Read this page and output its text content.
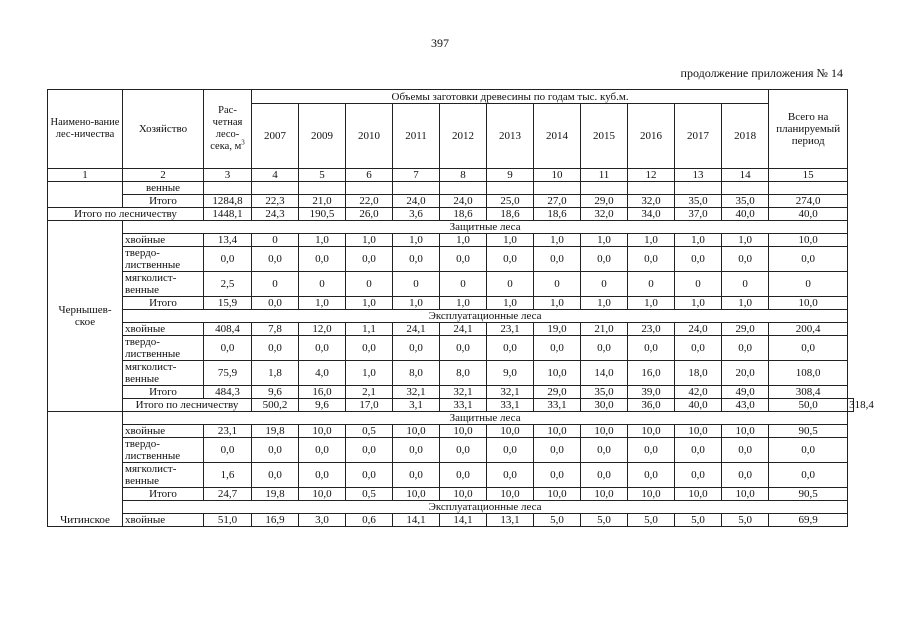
397
продолжение приложения № 14
Наимено-вание лес-ничества	Хозяйство	Рас-четная лесо-сека, $м^3$	Объемы заготовки древесины по годам тыс. куб.м.											Всего на планируемый период	
			2007	2009	2010	2011	2012	2013	2014	2015	2016	2017	2018		
1	2	3	4	5	6	7	8	9	10	11	12	13	14	15	
	венные														
	Итого	1284,8	22,3	21,0	22,0	24,0	24,0	25,0	27,0	29,0	32,0	35,0	35,0	274,0	
Итого по лесничеству		1448,1	24,3	190,5	26,0	3,6	18,6	18,6	18,6	32,0	34,0	37,0	40,0	40,0	
Чернышев-ское	Защитные леса														
	хвойные	13,4	0	1,0	1,0	1,0	1,0	1,0	1,0	1,0	1,0	1,0	1,0	10,0	
	твердо-лиственные	0,0	0,0	0,0	0,0	0,0	0,0	0,0	0,0	0,0	0,0	0,0	0,0	0,0	
	мягколист-венные	2,5	0	0	0	0	0	0	0	0	0	0	0	0	
	Итого	15,9	0,0	1,0	1,0	1,0	1,0	1,0	1,0	1,0	1,0	1,0	1,0	10,0	
	Эксплуатационные леса														
	хвойные	408,4	7,8	12,0	1,1	24,1	24,1	23,1	19,0	21,0	23,0	24,0	29,0	200,4	
	твердо-лиственные	0,0	0,0	0,0	0,0	0,0	0,0	0,0	0,0	0,0	0,0	0,0	0,0	0,0	
	мягколист-венные	75,9	1,8	4,0	1,0	8,0	8,0	9,0	10,0	14,0	16,0	18,0	20,0	108,0	
	Итого	484,3	9,6	16,0	2,1	32,1	32,1	32,1	29,0	35,0	39,0	42,0	49,0	308,4	
	Итого по лесничеству		500,2	9,6	17,0	3,1	33,1	33,1	33,1	30,0	36,0	40,0	43,0	50,0	318,4
Читинское	Защитные леса														
	хвойные	23,1	19,8	10,0	0,5	10,0	10,0	10,0	10,0	10,0	10,0	10,0	10,0	90,5	
	твердо-лиственные	0,0	0,0	0,0	0,0	0,0	0,0	0,0	0,0	0,0	0,0	0,0	0,0	0,0	
	мягколист-венные	1,6	0,0	0,0	0,0	0,0	0,0	0,0	0,0	0,0	0,0	0,0	0,0	0,0	
	Итого	24,7	19,8	10,0	0,5	10,0	10,0	10,0	10,0	10,0	10,0	10,0	10,0	90,5	
	Эксплуатационные леса														
	хвойные	51,0	16,9	3,0	0,6	14,1	14,1	13,1	5,0	5,0	5,0	5,0	5,0	69,9	
